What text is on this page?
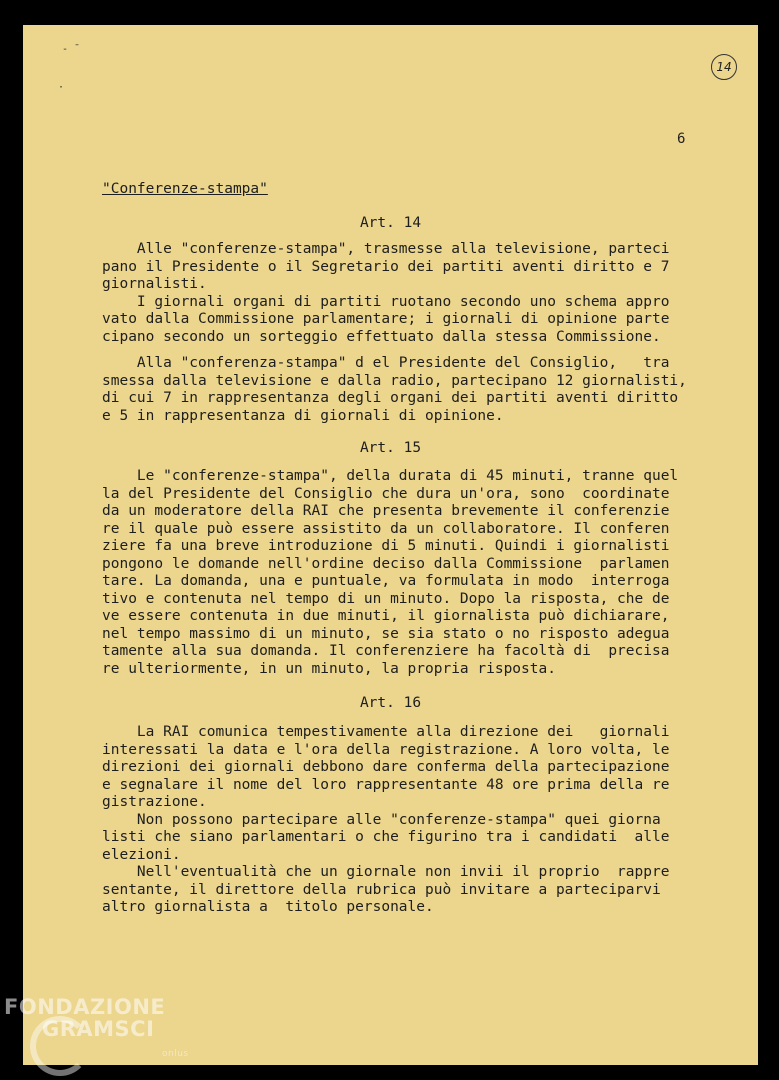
‐ ˉ
·
14
6
"Conferenze-stampa"
Art. 14

Alle "conferenze-stampa", trasmesse alla televisione, parteci
pano il Presidente o il Segretario dei partiti aventi diritto e 7
giornalisti.
I giornali organi di partiti ruotano secondo uno schema appro
vato dalla Commissione parlamentare; i giornali di opinione parte
cipano secondo un sorteggio effettuato dalla stessa Commissione.

Alla "conferenza-stampa" d el Presidente del Consiglio,   tra
smessa dalla televisione e dalla radio, partecipano 12 giornalisti,
di cui 7 in rappresentanza degli organi dei partiti aventi diritto
e 5 in rappresentanza di giornali di opinione.

Art. 15

Le "conferenze-stampa", della durata di 45 minuti, tranne quel
la del Presidente del Consiglio che dura un'ora, sono  coordinate
da un moderatore della RAI che presenta brevemente il conferenzie
re il quale può essere assistito da un collaboratore. Il conferen
ziere fa una breve introduzione di 5 minuti. Quindi i giornalisti
pongono le domande nell'ordine deciso dalla Commissione  parlamen
tare. La domanda, una e puntuale, va formulata in modo  interroga
tivo e contenuta nel tempo di un minuto. Dopo la risposta, che de
ve essere contenuta in due minuti, il giornalista può dichiarare,
nel tempo massimo di un minuto, se sia stato o no risposto adegua
tamente alla sua domanda. Il conferenziere ha facoltà di  precisa
re ulteriormente, in un minuto, la propria risposta.

Art. 16

La RAI comunica tempestivamente alla direzione dei   giornali
interessati la data e l'ora della registrazione. A loro volta, le
direzioni dei giornali debbono dare conferma della partecipazione
e segnalare il nome del loro rappresentante 48 ore prima della re
gistrazione.
Non possono partecipare alle "conferenze-stampa" quei giorna
listi che siano parlamentari o che figurino tra i candidati  alle
elezioni.
Nell'eventualità che un giornale non invii il proprio  rappre
sentante, il direttore della rubrica può invitare a parteciparvi
altro giornalista a  titolo personale.

FONDAZIONE
GRAMSCI
onlus
